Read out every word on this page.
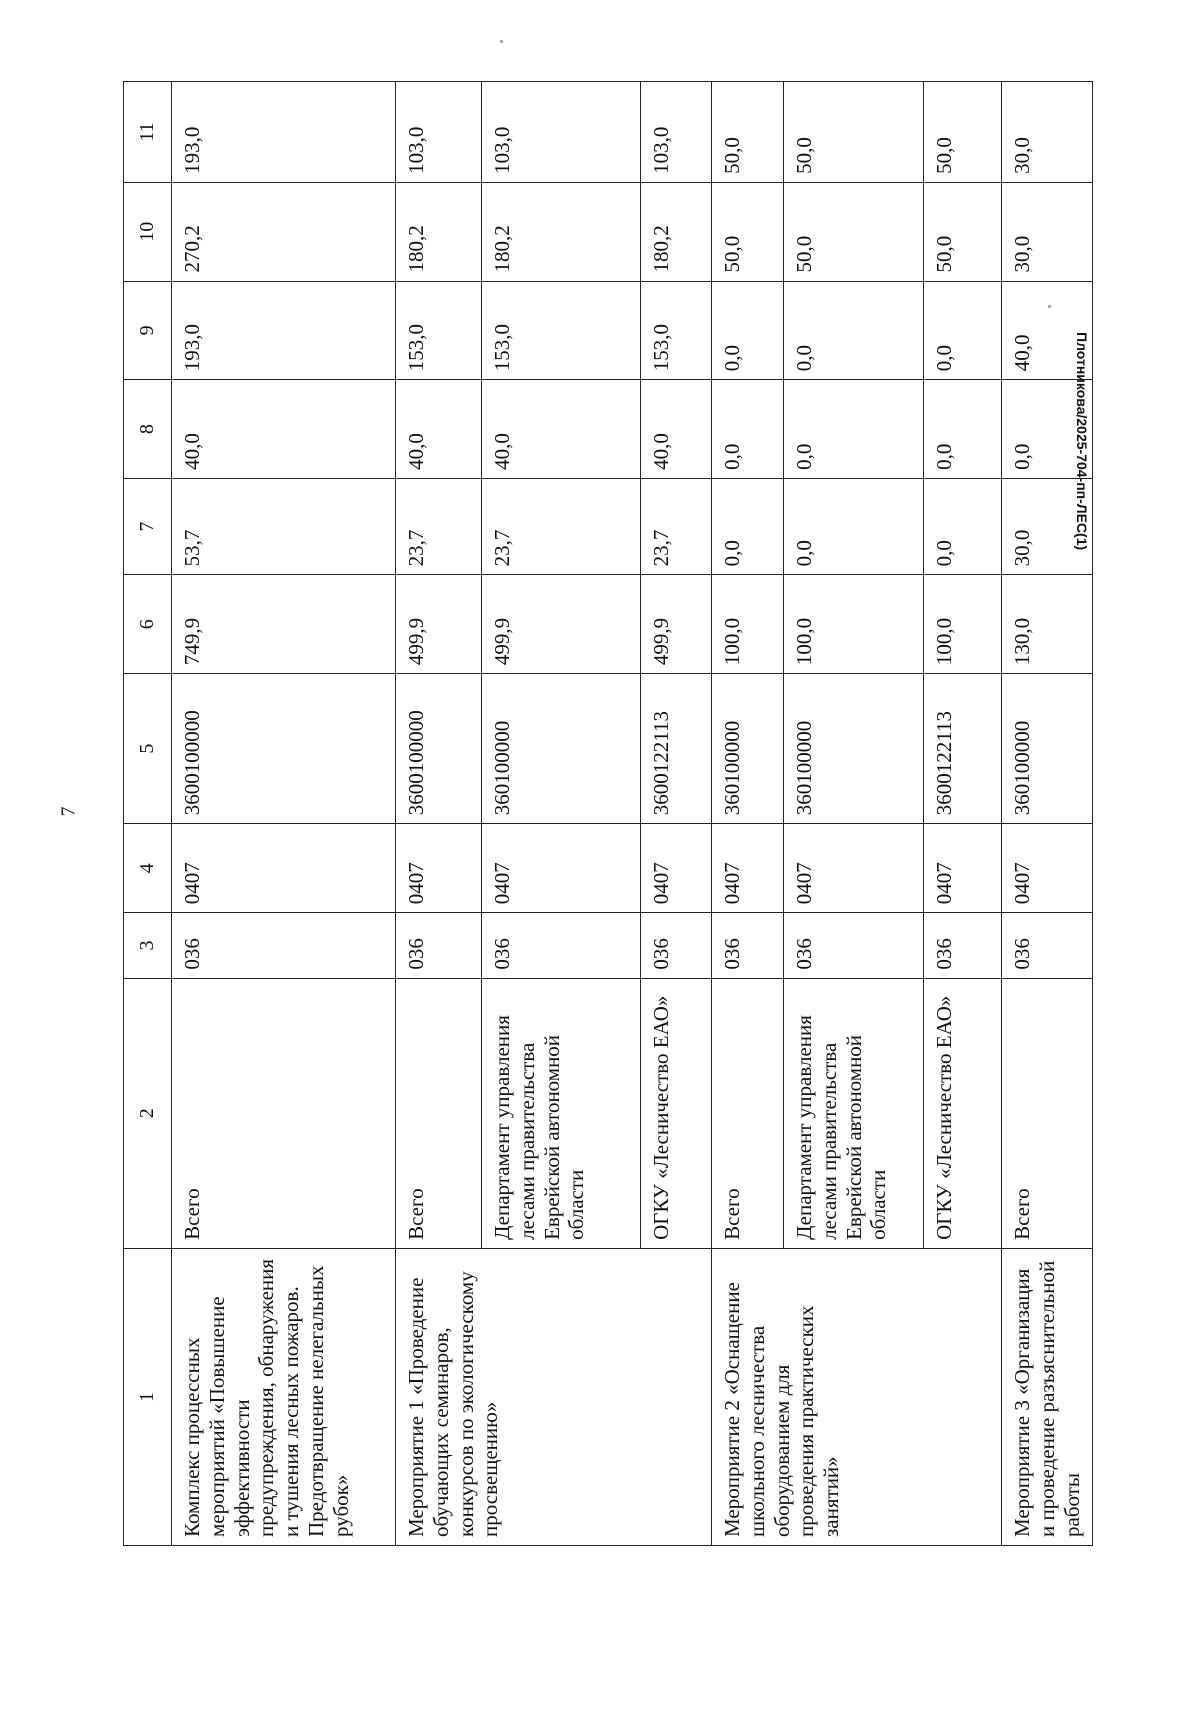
7
1	2	3	4	5	6	7	8	9	10	11
Комплекс процессных мероприятий «Повышение эффективности предупреждения, обнаружения и тушения лесных пожаров. Предотвращение нелегальных рубок»	Всего	036	0407	3600100000	749,9	53,7	40,0	193,0	270,2	193,0
Мероприятие 1 «Проведение обучающих семинаров, конкурсов по экологическому просвещению»	Всего	036	0407	3600100000	499,9	23,7	40,0	153,0	180,2	103,0
	Департамент управления лесами правительства Еврейской автономной области	036	0407	360100000	499,9	23,7	40,0	153,0	180,2	103,0
	ОГКУ «Лесничество ЕАО»	036	0407	3600122113	499,9	23,7	40,0	153,0	180,2	103,0
Мероприятие 2 «Оснащение школьного лесничества оборудованием для проведения практических занятий»	Всего	036	0407	360100000	100,0	0,0	0,0	0,0	50,0	50,0
	Департамент управления лесами правительства Еврейской автономной области	036	0407	360100000	100,0	0,0	0,0	0,0	50,0	50,0
	ОГКУ «Лесничество ЕАО»	036	0407	3600122113	100,0	0,0	0,0	0,0	50,0	50,0
Мероприятие 3 «Организация и проведение разъяснительной работы	Всего	036	0407	360100000	130,0	30,0	0,0	40,0	30,0	30,0
Плотникова/2025-704-пп-ЛЕС(1)
